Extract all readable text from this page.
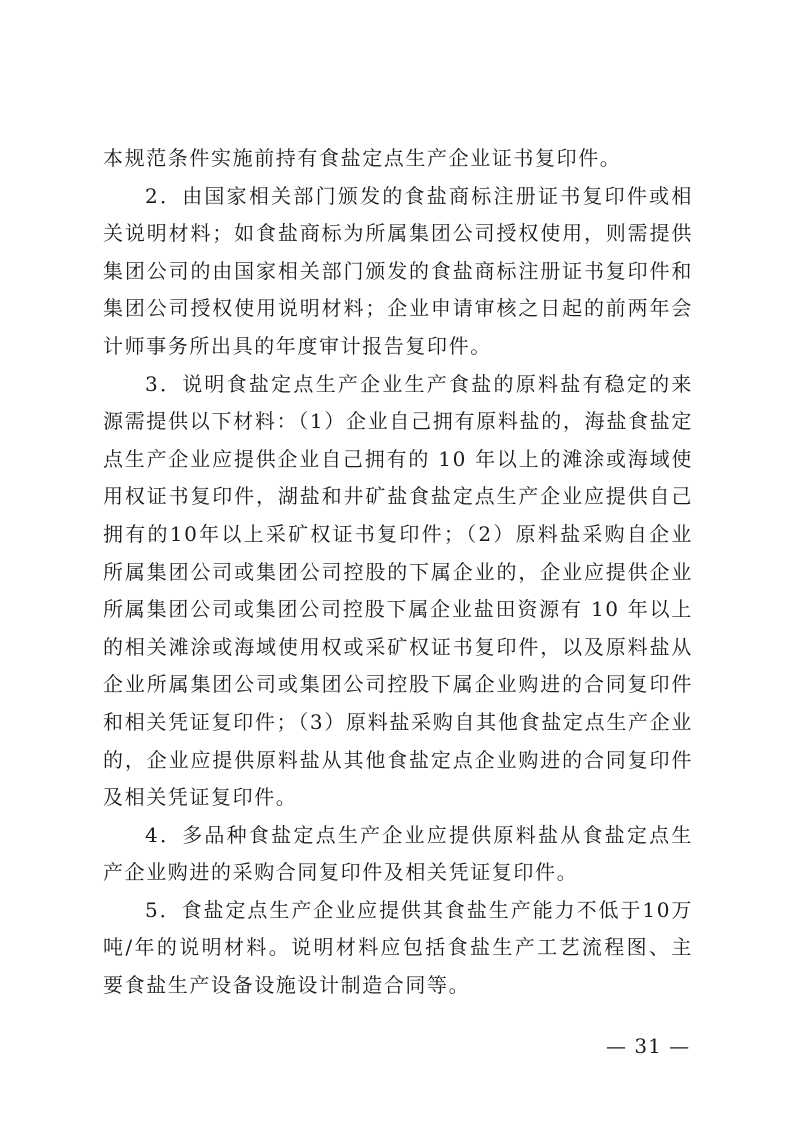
本规范条件实施前持有食盐定点生产企业证书复印件。

2．由国家相关部门颁发的食盐商标注册证书复印件或相关说明材料；如食盐商标为所属集团公司授权使用，则需提供集团公司的由国家相关部门颁发的食盐商标注册证书复印件和集团公司授权使用说明材料；企业申请审核之日起的前两年会计师事务所出具的年度审计报告复印件。

3．说明食盐定点生产企业生产食盐的原料盐有稳定的来源需提供以下材料：（1）企业自己拥有原料盐的，海盐食盐定点生产企业应提供企业自己拥有的 10 年以上的滩涂或海域使用权证书复印件，湖盐和井矿盐食盐定点生产企业应提供自己拥有的10年以上采矿权证书复印件；（2）原料盐采购自企业所属集团公司或集团公司控股的下属企业的，企业应提供企业所属集团公司或集团公司控股下属企业盐田资源有 10 年以上的相关滩涂或海域使用权或采矿权证书复印件，以及原料盐从企业所属集团公司或集团公司控股下属企业购进的合同复印件和相关凭证复印件；（3）原料盐采购自其他食盐定点生产企业的，企业应提供原料盐从其他食盐定点企业购进的合同复印件及相关凭证复印件。

4．多品种食盐定点生产企业应提供原料盐从食盐定点生产企业购进的采购合同复印件及相关凭证复印件。

5．食盐定点生产企业应提供其食盐生产能力不低于10万吨/年的说明材料。说明材料应包括食盐生产工艺流程图、主要食盐生产设备设施设计制造合同等。

— 31 —
